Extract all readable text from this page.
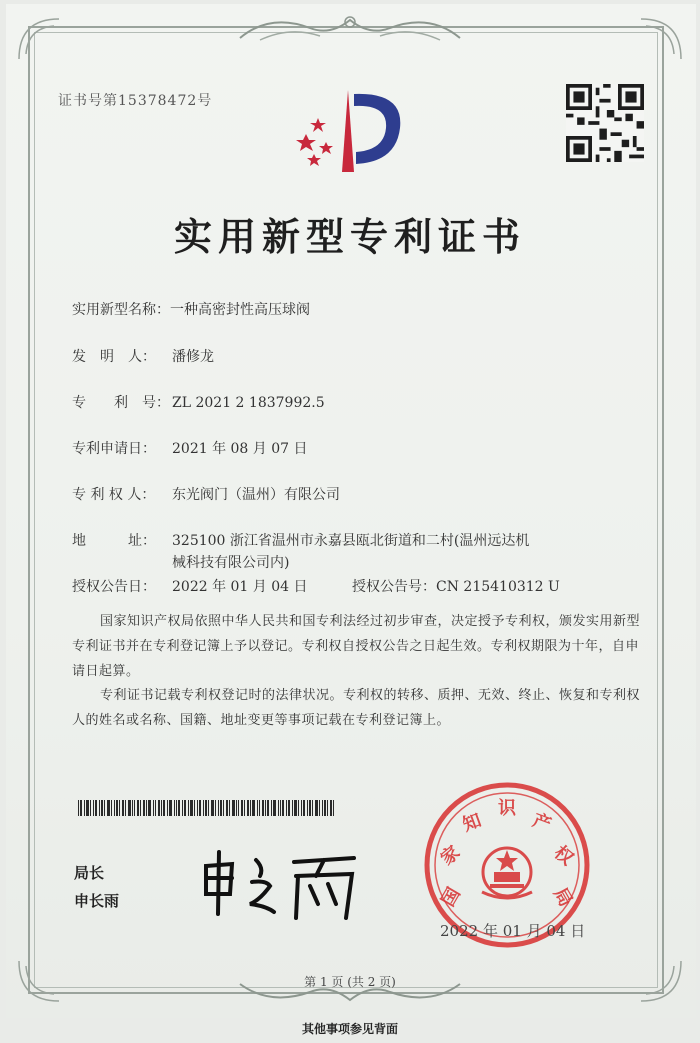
证书号第15378472号
实用新型专利证书
实用新型名称：一种高密封性高压球阀
发　明　人： 潘修龙
专　　利　号： ZL 2021 2 1837992.5
专利申请日： 2021 年 08 月 07 日
专 利 权 人： 东光阀门（温州）有限公司
地　　　址： 325100 浙江省温州市永嘉县瓯北街道和二村(温州远达机
械科技有限公司内)
授权公告日： 2022 年 01 月 04 日	授权公告号：CN 215410312 U
国家知识产权局依照中华人民共和国专利法经过初步审查，决定授予专利权，颁发实用新型专利证书并在专利登记簿上予以登记。专利权自授权公告之日起生效。专利权期限为十年，自申请日起算。
专利证书记载专利权登记时的法律状况。专利权的转移、质押、无效、终止、恢复和专利权人的姓名或名称、国籍、地址变更等事项记载在专利登记簿上。
局长
申长雨	国
家
知
识
产
权
局
2022 年 01 月 04 日
第 1 页 (共 2 页)
其他事项参见背面
